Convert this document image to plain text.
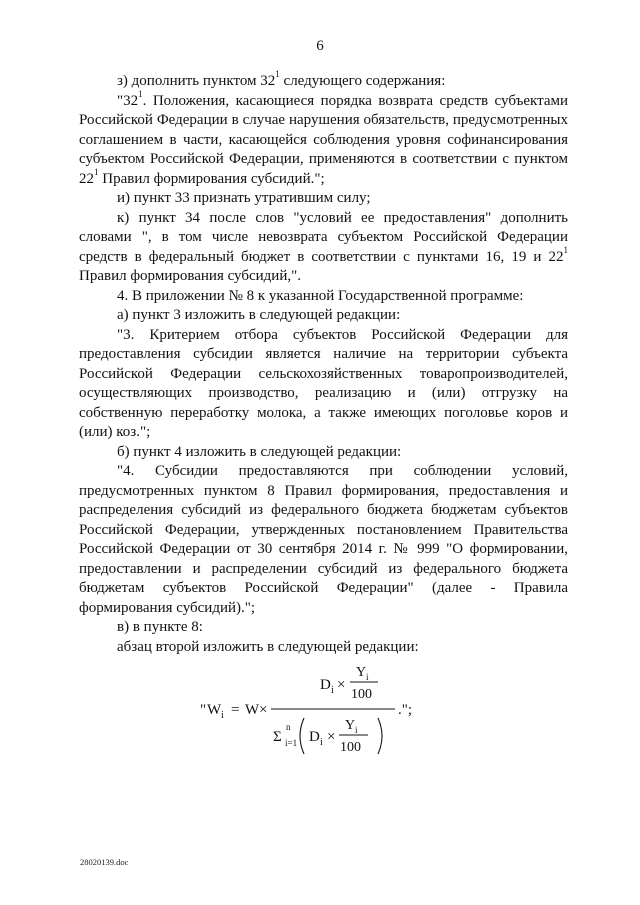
6

з) дополнить пунктом $32^1$ следующего содержания:

"$32^1$. Положения, касающиеся порядка возврата средств субъектами Российской Федерации в случае нарушения обязательств, предусмотренных соглашением в части, касающейся соблюдения уровня софинансирования субъектом Российской Федерации, применяются в соответствии с пунктом $22^1$ Правил формирования субсидий.";

и) пункт 33 признать утратившим силу;

к) пункт 34 после слов "условий ее предоставления" дополнить словами ", в том числе невозврата субъектом Российской Федерации средств в федеральный бюджет в соответствии с пунктами 16, 19 и $22^1$ Правил формирования субсидий,".

4. В приложении № 8 к указанной Государственной программе:

а) пункт 3 изложить в следующей редакции:

"3. Критерием отбора субъектов Российской Федерации для предоставления субсидии является наличие на территории субъекта Российской Федерации сельскохозяйственных товаропроизводителей, осуществляющих производство, реализацию и (или) отгрузку на собственную переработку молока, а также имеющих поголовье коров и (или) коз.";

б) пункт 4 изложить в следующей редакции:

"4. Субсидии предоставляются при соблюдении условий, предусмотренных пунктом 8 Правил формирования, предоставления и распределения субсидий из федерального бюджета бюджетам субъектов Российской Федерации, утвержденных постановлением Правительства Российской Федерации от 30 сентября 2014 г. № 999 "О формировании, предоставлении и распределении субсидий из федерального бюджета бюджетам субъектов Российской Федерации" (далее - Правила формирования субсидий).";

в) в пункте 8:

абзац второй изложить в следующей редакции:

" W i = W ×
D i ×
Y i
100
Σ
n
i=1 D i ×
Y i
100
.";
28020139.doc
